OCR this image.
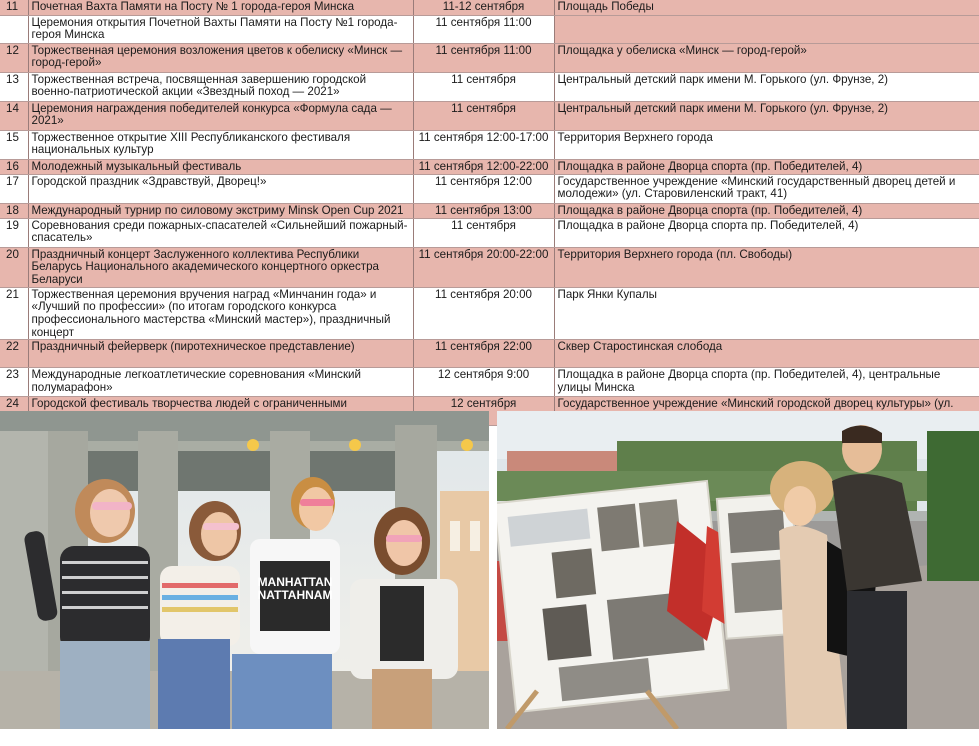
11	Почетная Вахта Памяти на Посту № 1 города-героя Минска	11-12 сентября	Площадь Победы
	Церемония открытия Почетной Вахты Памяти на Посту №1 города-героя Минска	11 сентября 11:00	
12	Торжественная церемония возложения цветов к обелиску «Минск — город-герой»	11 сентября 11:00	Площадка у обелиска «Минск — город-герой»
13	Торжественная встреча, посвященная завершению городской военно-патриотической акции «Звездный поход — 2021»	11 сентября	Центральный детский парк имени М. Горького (ул. Фрунзе, 2)
14	Церемония награждения победителей конкурса «Формула сада — 2021»	11 сентября	Центральный детский парк имени М. Горького (ул. Фрунзе, 2)
15	Торжественное открытие XIII Республиканского фестиваля национальных культур	11 сентября 12:00-17:00	Территория Верхнего города
16	Молодежный музыкальный фестиваль	11 сентября 12:00-22:00	Площадка в районе Дворца спорта (пр. Победителей, 4)
17	Городской праздник «Здравствуй, Дворец!»	11 сентября 12:00	Государственное учреждение «Минский государственный дворец детей и молодежи» (ул. Старовиленский тракт, 41)
18	Международный турнир по силовому экстриму Minsk Open Cup 2021	11 сентября 13:00	Площадка в районе Дворца спорта (пр. Победителей, 4)
19	Соревнования среди пожарных-спасателей «Сильнейший пожарный-спасатель»	11 сентября	Площадка в районе Дворца спорта пр. Победителей, 4)
20	Праздничный концерт Заслуженного коллектива Республики Беларусь Национального академического концертного оркестра Беларуси	11 сентября 20:00-22:00	Территория Верхнего города (пл. Свободы)
21	Торжественная церемония вручения наград «Минчанин года» и «Лучший по профессии» (по итогам городского конкурса профессионального мастерства «Минский мастер»), праздничный концерт	11 сентября 20:00	Парк Янки Купалы
22	Праздничный фейерверк (пиротехническое представление)	11 сентября 22:00	Сквер Старостинская слобода
23	Международные легкоатлетические соревнования «Минский полумарафон»	12 сентября 9:00	Площадка в районе Дворца спорта (пр. Победителей, 4), центральные улицы Минска
24	Городской фестиваль творчества людей с ограниченными	12 сентября	Государственное учреждение «Минский городской дворец культуры» (ул.
MANHATTAN
NATTAHNAM
